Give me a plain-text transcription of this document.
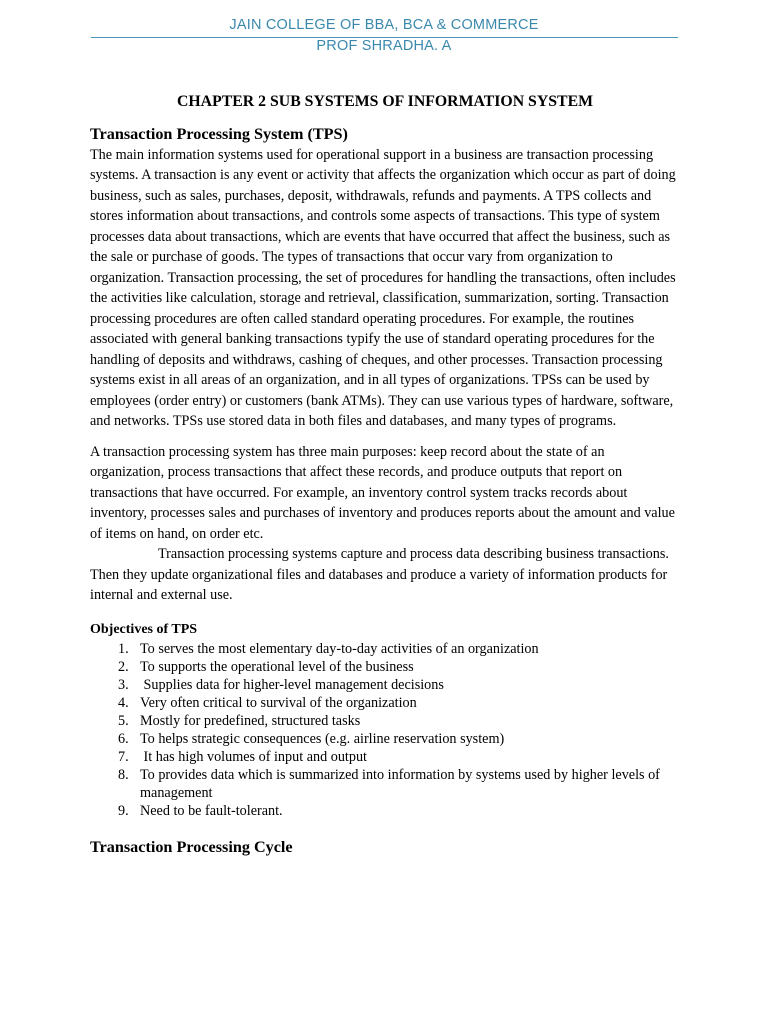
JAIN COLLEGE OF BBA, BCA & COMMERCE
PROF SHRADHA. A
CHAPTER 2 SUB SYSTEMS OF INFORMATION SYSTEM
Transaction Processing System (TPS)

The main information systems used for operational support in a business are transaction processing systems. A transaction is any event or activity that affects the organization which occur as part of doing business, such as sales, purchases, deposit, withdrawals, refunds and payments. A TPS collects and stores information about transactions, and controls some aspects of transactions. This type of system processes data about transactions, which are events that have occurred that affect the business, such as the sale or purchase of goods. The types of transactions that occur vary from organization to organization. Transaction processing, the set of procedures for handling the transactions, often includes the activities like calculation, storage and retrieval, classification, summarization, sorting. Transaction processing procedures are often called standard operating procedures. For example, the routines associated with general banking transactions typify the use of standard operating procedures for the handling of deposits and withdraws, cashing of cheques, and other processes. Transaction processing systems exist in all areas of an organization, and in all types of organizations. TPSs can be used by employees (order entry) or customers (bank ATMs). They can use various types of hardware, software, and networks. TPSs use stored data in both files and databases, and many types of programs.

A transaction processing system has three main purposes: keep record about the state of an organization, process transactions that affect these records, and produce outputs that report on transactions that have occurred. For example, an inventory control system tracks records about inventory, processes sales and purchases of inventory and produces reports about the amount and value of items on hand, on order etc.

Transaction processing systems capture and process data describing business transactions. Then they update organizational files and databases and produce a variety of information products for internal and external use.

Objectives of TPS
1. To serves the most elementary day-to-day activities of an organization
2. To supports the operational level of the business
3. Supplies data for higher-level management decisions
4. Very often critical to survival of the organization
5. Mostly for predefined, structured tasks
6. To helps strategic consequences (e.g. airline reservation system)
7. It has high volumes of input and output
8. To provides data which is summarized into information by systems used by higher levels of management
9. Need to be fault-tolerant.
Transaction Processing Cycle
